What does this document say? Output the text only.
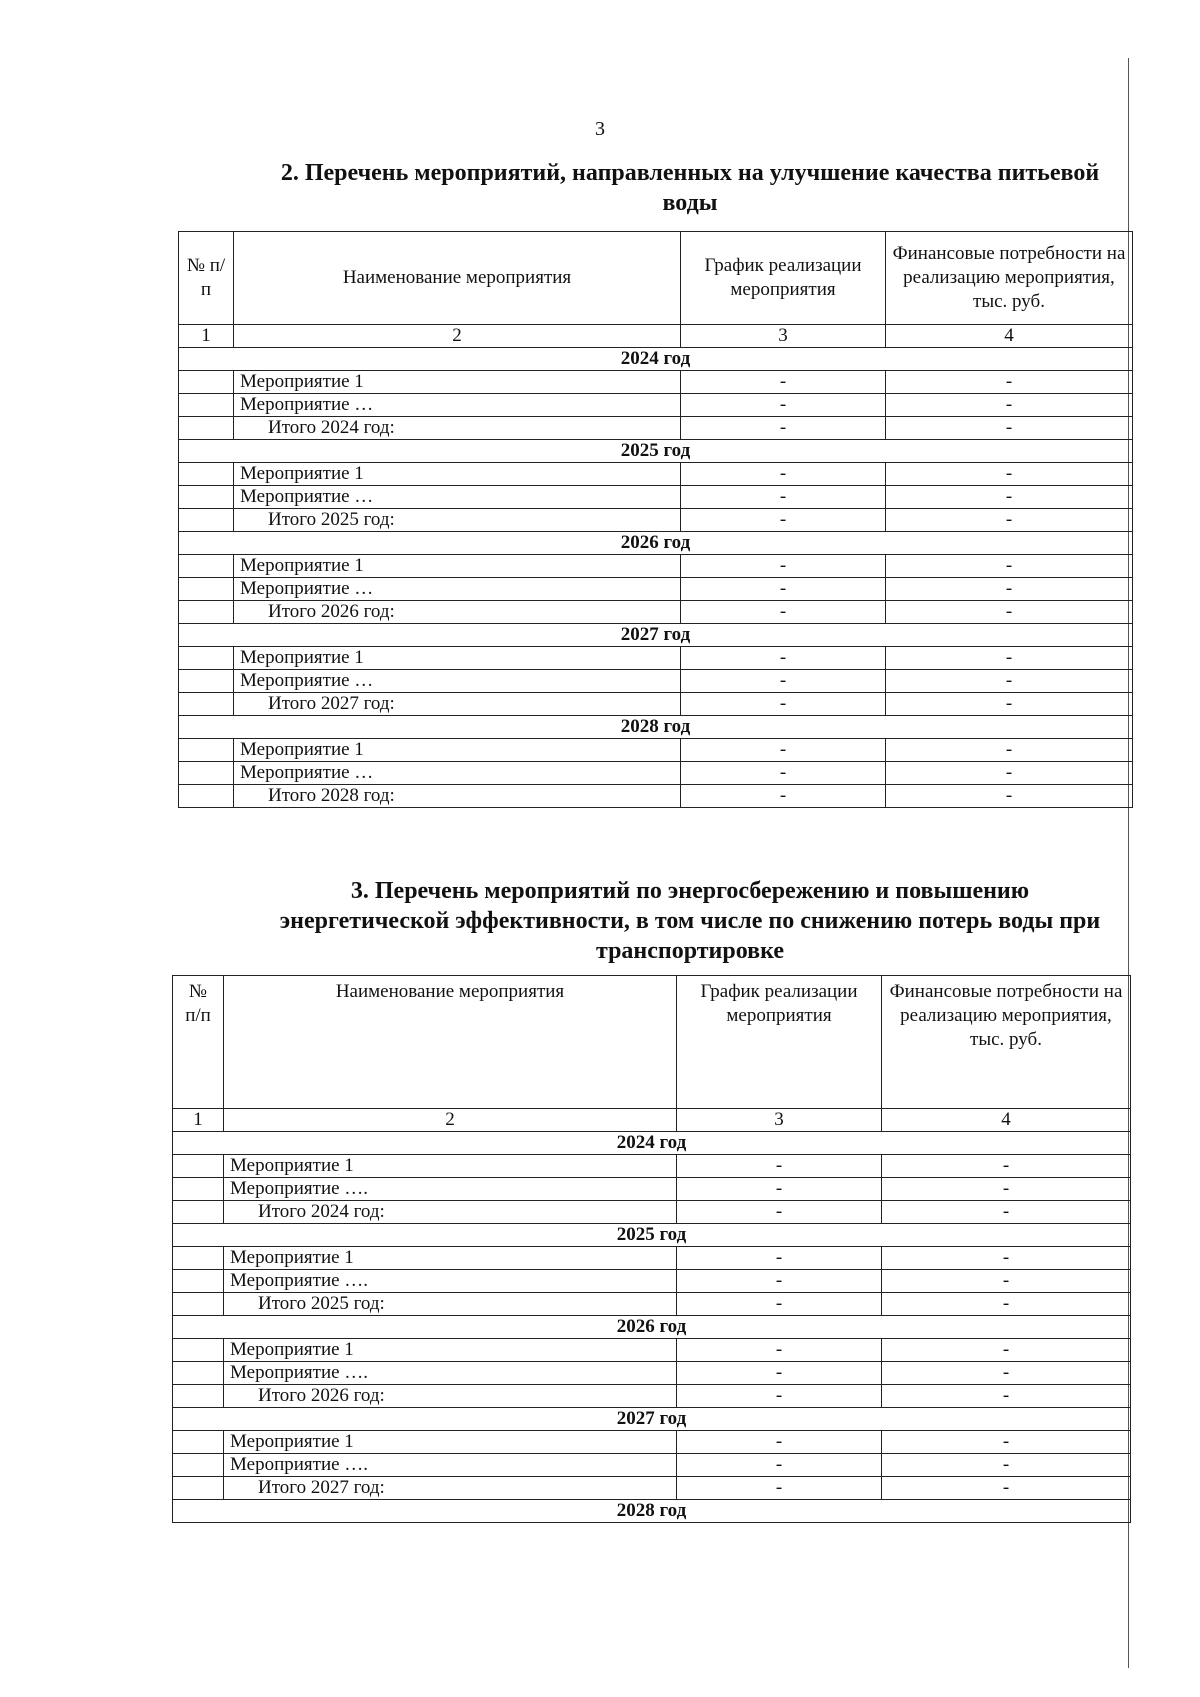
3
2. Перечень мероприятий, направленных на улучшение качества питьевой воды
№ п/п	Наименование мероприятия	График реализации мероприятия	Финансовые потребности на реализацию мероприятия, тыс. руб.
1	2	3	4
2024 год			
	Мероприятие 1	-	-
	Мероприятие …	-	-
	Итого 2024 год:	-	-
2025 год			
	Мероприятие 1	-	-
	Мероприятие …	-	-
	Итого 2025 год:	-	-
2026 год			
	Мероприятие 1	-	-
	Мероприятие …	-	-
	Итого 2026 год:	-	-
2027 год			
	Мероприятие 1	-	-
	Мероприятие …	-	-
	Итого 2027 год:	-	-
2028 год			
	Мероприятие 1	-	-
	Мероприятие …	-	-
	Итого 2028 год:	-	-
3. Перечень мероприятий по энергосбережению и повышению энергетической эффективности, в том числе по снижению потерь воды при транспортировке
№ п/п	Наименование мероприятия	График реализации мероприятия	Финансовые потребности на реализацию мероприятия, тыс. руб.
1	2	3	4
2024 год			
	Мероприятие 1	-	-
	Мероприятие ….	-	-
	Итого 2024 год:	-	-
2025 год			
	Мероприятие 1	-	-
	Мероприятие ….	-	-
	Итого 2025 год:	-	-
2026 год			
	Мероприятие 1	-	-
	Мероприятие ….	-	-
	Итого 2026 год:	-	-
2027 год			
	Мероприятие 1	-	-
	Мероприятие ….	-	-
	Итого 2027 год:	-	-
2028 год			
